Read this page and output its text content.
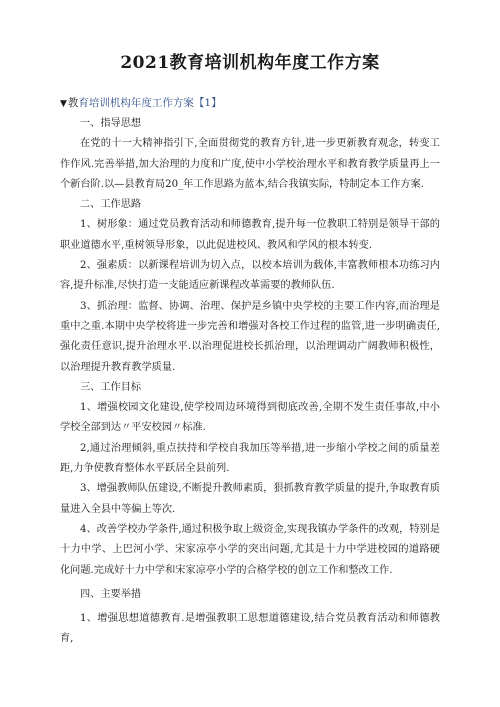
2021教育培训机构年度工作方案
▼教育培训机构年度工作方案【1】

一、指导思想

在党的十一大精神指引下,全面贯彻党的教育方针,进一步更新教育观念，转变工作作风.完善举措,加大治理的力度和广度,使中小学校治理水平和教育教学质量再上一个新台阶.以—县教育局20_年工作思路为蓝本,结合我镇实际，特制定本工作方案.

二、工作思路

1、树形象：通过党员教育活动和师德教育,提升每一位教职工特别是领导干部的职业道德水平,重树领导形象，以此促进校风、教风和学风的根本转变.

2、强素质：以新课程培训为切入点，以校本培训为载体,丰富教师根本功练习内容,提升标准,尽快打造一支能适应新课程改革需要的教师队伍.

3、抓治理：监督、协调、治理、保护是乡镇中央学校的主要工作内容,而治理是重中之重.本期中央学校将进一步完善和增强对各校工作过程的监管,进一步明确责任,强化责任意识,提升治理水平.以治理促进校长抓治理，以治理调动广阔教师积极性，以治理提升教育教学质量.

三、工作目标

1、增强校园文化建设,使学校周边环境得到彻底改善,全期不发生责任事故,中小学校全部到达〃平安校园〃标准.

2,通过治理倾斜,重点扶持和学校自我加压等举措,进一步缩小学校之间的质量差距,力争使教育整体水平跃居全县前列.

3、增强教师队伍建设,不断提升教师素质，狠抓教育教学质量的提升,争取教育质量进入全县中等偏上等次.

4、改善学校办学条件,通过积极争取上级资金,实现我镇办学条件的改观，特别是十力中学、上巴河小学、宋家凉亭小学的突出问题,尤其是十力中学进校园的道路硬化问题.完成好十力中学和宋家凉亭小学的合格学校的创立工作和整改工作.

四、主要举措

1、增强思想道德教育.是增强教职工思想道德建设,结合党员教育活动和师德教育,
